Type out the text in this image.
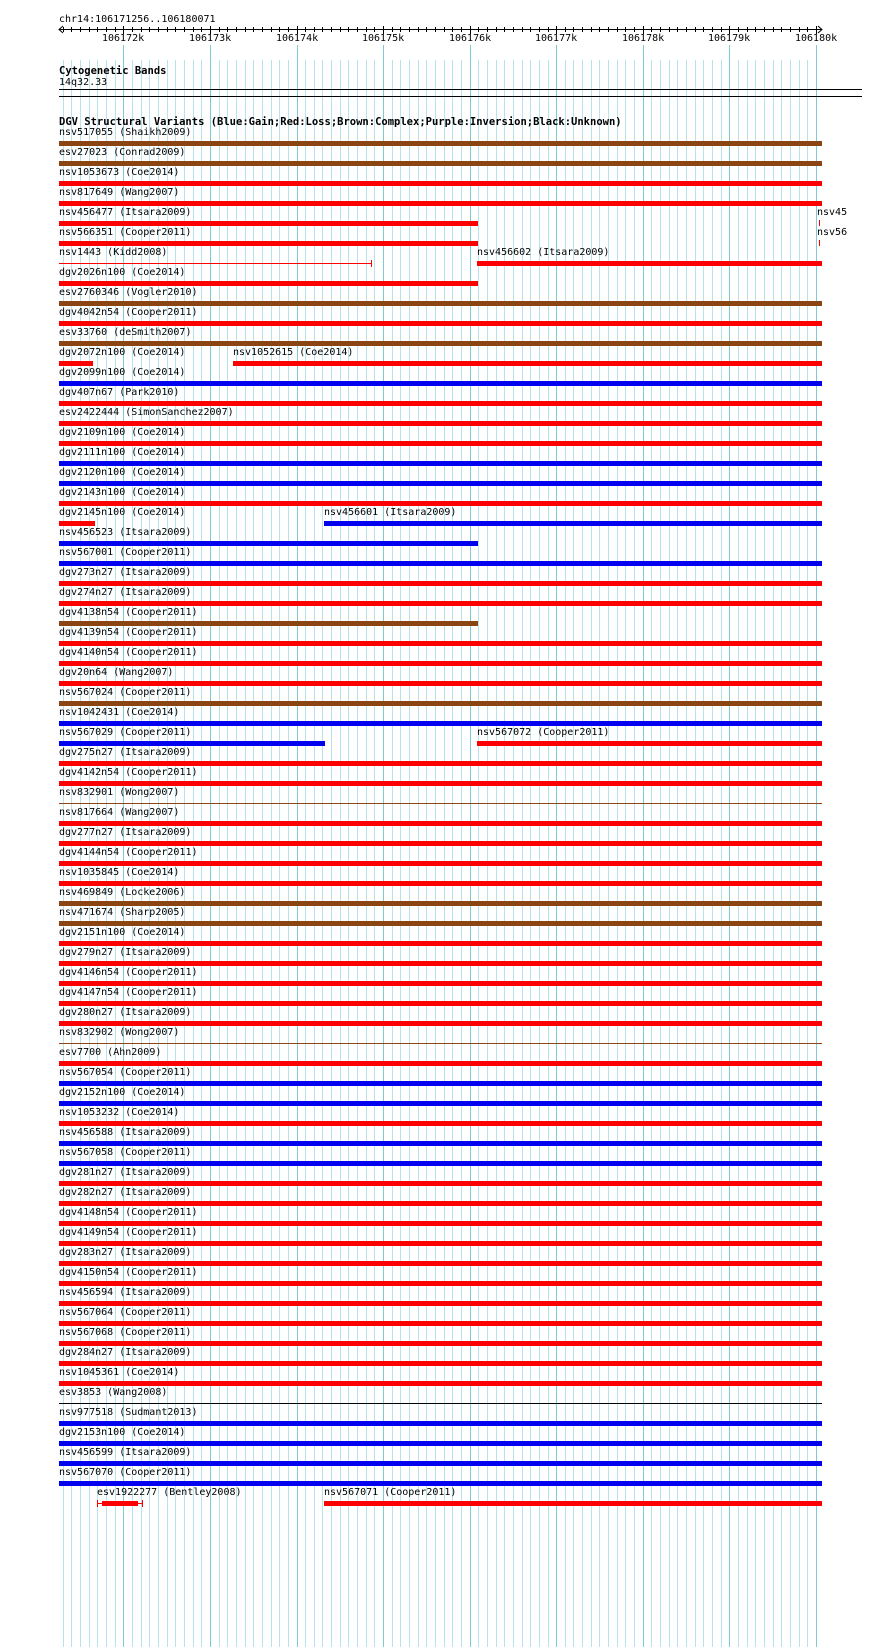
chr14:106171256..106180071
106172k	106173k	106174k	106175k	106176k	106177k	106178k	106179k	106180k
Cytogenetic Bands
14q32.33
DGV Structural Variants (Blue:Gain;Red:Loss;Brown:Complex;Purple:Inversion;Black:Unknown)
nsv517055 (Shaikh2009)
esv27023 (Conrad2009)
nsv1053673 (Coe2014)
nsv817649 (Wang2007)
nsv456477 (Itsara2009)	nsv45
nsv566351 (Cooper2011)	nsv56
nsv1443 (Kidd2008)	nsv456602 (Itsara2009)
dgv2026n100 (Coe2014)
esv2760346 (Vogler2010)
dgv4042n54 (Cooper2011)
esv33760 (deSmith2007)
dgv2072n100 (Coe2014)	nsv1052615 (Coe2014)
dgv2099n100 (Coe2014)
dgv407n67 (Park2010)
esv2422444 (SimonSanchez2007)
dgv2109n100 (Coe2014)
dgv2111n100 (Coe2014)
dgv2120n100 (Coe2014)
dgv2143n100 (Coe2014)
dgv2145n100 (Coe2014)	nsv456601 (Itsara2009)
nsv456523 (Itsara2009)
nsv567001 (Cooper2011)
dgv273n27 (Itsara2009)
dgv274n27 (Itsara2009)
dgv4138n54 (Cooper2011)
dgv4139n54 (Cooper2011)
dgv4140n54 (Cooper2011)
dgv20n64 (Wang2007)
nsv567024 (Cooper2011)
nsv1042431 (Coe2014)
nsv567029 (Cooper2011)	nsv567072 (Cooper2011)
dgv275n27 (Itsara2009)
dgv4142n54 (Cooper2011)
nsv832901 (Wong2007)
nsv817664 (Wang2007)
dgv277n27 (Itsara2009)
dgv4144n54 (Cooper2011)
nsv1035845 (Coe2014)
nsv469849 (Locke2006)
nsv471674 (Sharp2005)
dgv2151n100 (Coe2014)
dgv279n27 (Itsara2009)
dgv4146n54 (Cooper2011)
dgv4147n54 (Cooper2011)
dgv280n27 (Itsara2009)
nsv832902 (Wong2007)
esv7700 (Ahn2009)
nsv567054 (Cooper2011)
dgv2152n100 (Coe2014)
nsv1053232 (Coe2014)
nsv456588 (Itsara2009)
nsv567058 (Cooper2011)
dgv281n27 (Itsara2009)
dgv282n27 (Itsara2009)
dgv4148n54 (Cooper2011)
dgv4149n54 (Cooper2011)
dgv283n27 (Itsara2009)
dgv4150n54 (Cooper2011)
nsv456594 (Itsara2009)
nsv567064 (Cooper2011)
nsv567068 (Cooper2011)
dgv284n27 (Itsara2009)
nsv1045361 (Coe2014)
esv3853 (Wang2008)
nsv977518 (Sudmant2013)
dgv2153n100 (Coe2014)
nsv456599 (Itsara2009)
nsv567070 (Cooper2011)
esv1922277 (Bentley2008)	nsv567071 (Cooper2011)
